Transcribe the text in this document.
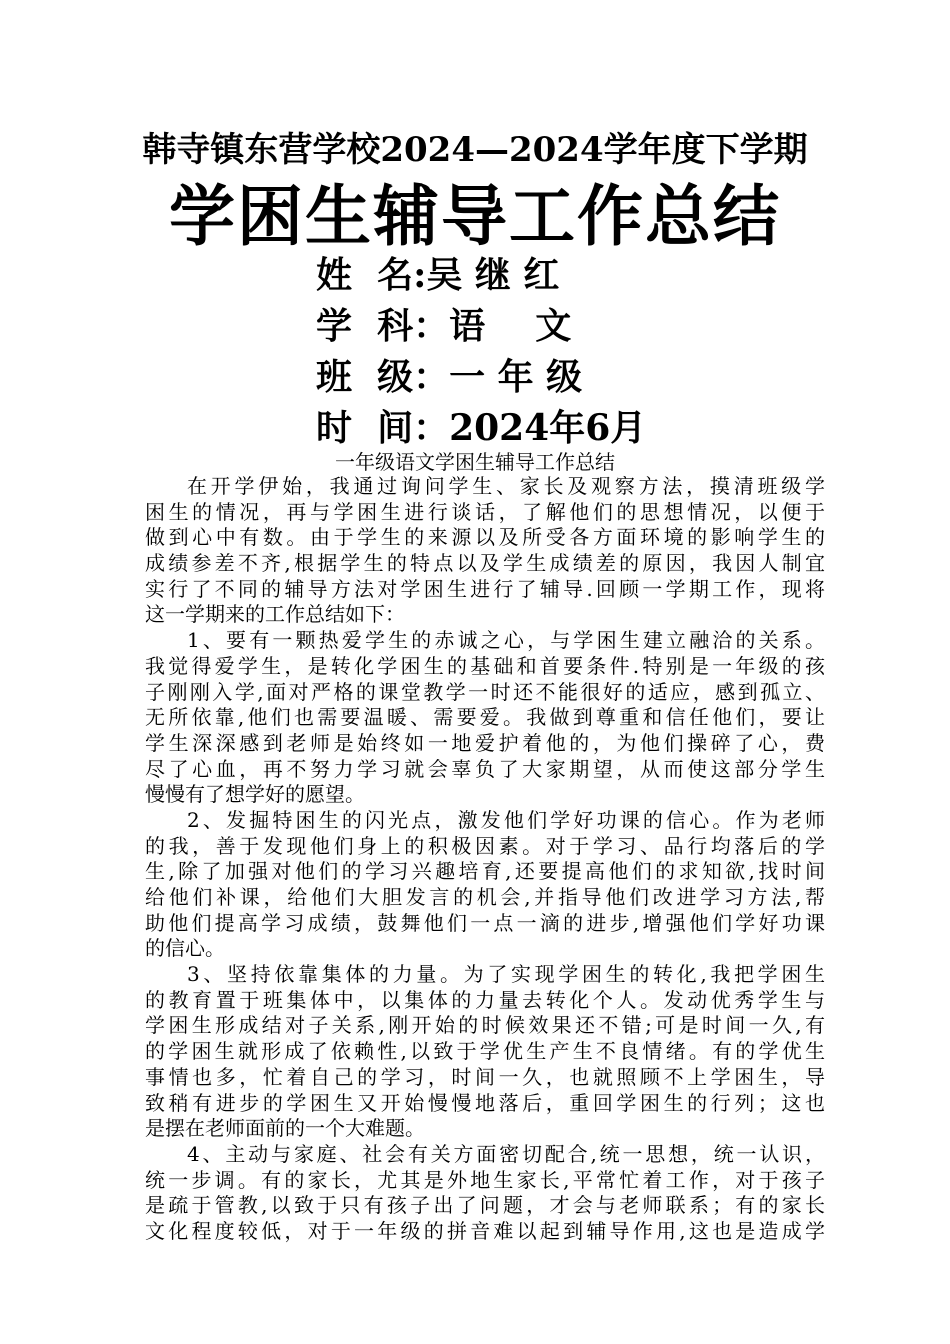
韩寺镇东营学校2024—2024学年度下学期
学困生辅导工作总结
姓  名:吴 继 红
学  科：语    文
班  级：一 年 级
时  间：2024年6月
一年级语文学困生辅导工作总结
在开学伊始，我通过询问学生、家长及观察方法，摸清班级学
困生的情况，再与学困生进行谈话，了解他们的思想情况，以便于
做到心中有数。由于学生的来源以及所受各方面环境的影响学生的
成绩参差不齐,根据学生的特点以及学生成绩差的原因，我因人制宜
实行了不同的辅导方法对学困生进行了辅导.回顾一学期工作，现将
这一学期来的工作总结如下：
1、要有一颗热爱学生的赤诚之心，与学困生建立融洽的关系。
我觉得爱学生，是转化学困生的基础和首要条件.特别是一年级的孩
子刚刚入学,面对严格的课堂教学一时还不能很好的适应，感到孤立、
无所依靠,他们也需要温暖、需要爱。我做到尊重和信任他们，要让
学生深深感到老师是始终如一地爱护着他的，为他们操碎了心，费
尽了心血，再不努力学习就会辜负了大家期望，从而使这部分学生
慢慢有了想学好的愿望。
2、发掘特困生的闪光点，激发他们学好功课的信心。作为老师
的我，善于发现他们身上的积极因素。对于学习、品行均落后的学
生,除了加强对他们的学习兴趣培育,还要提高他们的求知欲,找时间
给他们补课，给他们大胆发言的机会,并指导他们改进学习方法,帮
助他们提高学习成绩，鼓舞他们一点一滴的进步,增强他们学好功课
的信心。
3、坚持依靠集体的力量。为了实现学困生的转化,我把学困生
的教育置于班集体中，以集体的力量去转化个人。发动优秀学生与
学困生形成结对子关系,刚开始的时候效果还不错;可是时间一久,有
的学困生就形成了依赖性,以致于学优生产生不良情绪。有的学优生
事情也多，忙着自己的学习，时间一久，也就照顾不上学困生，导
致稍有进步的学困生又开始慢慢地落后，重回学困生的行列；这也
是摆在老师面前的一个大难题。
4、主动与家庭、社会有关方面密切配合,统一思想，统一认识，
统一步调。有的家长，尤其是外地生家长,平常忙着工作，对于孩子
是疏于管教,以致于只有孩子出了问题，才会与老师联系；有的家长
文化程度较低，对于一年级的拼音难以起到辅导作用,这也是造成学
